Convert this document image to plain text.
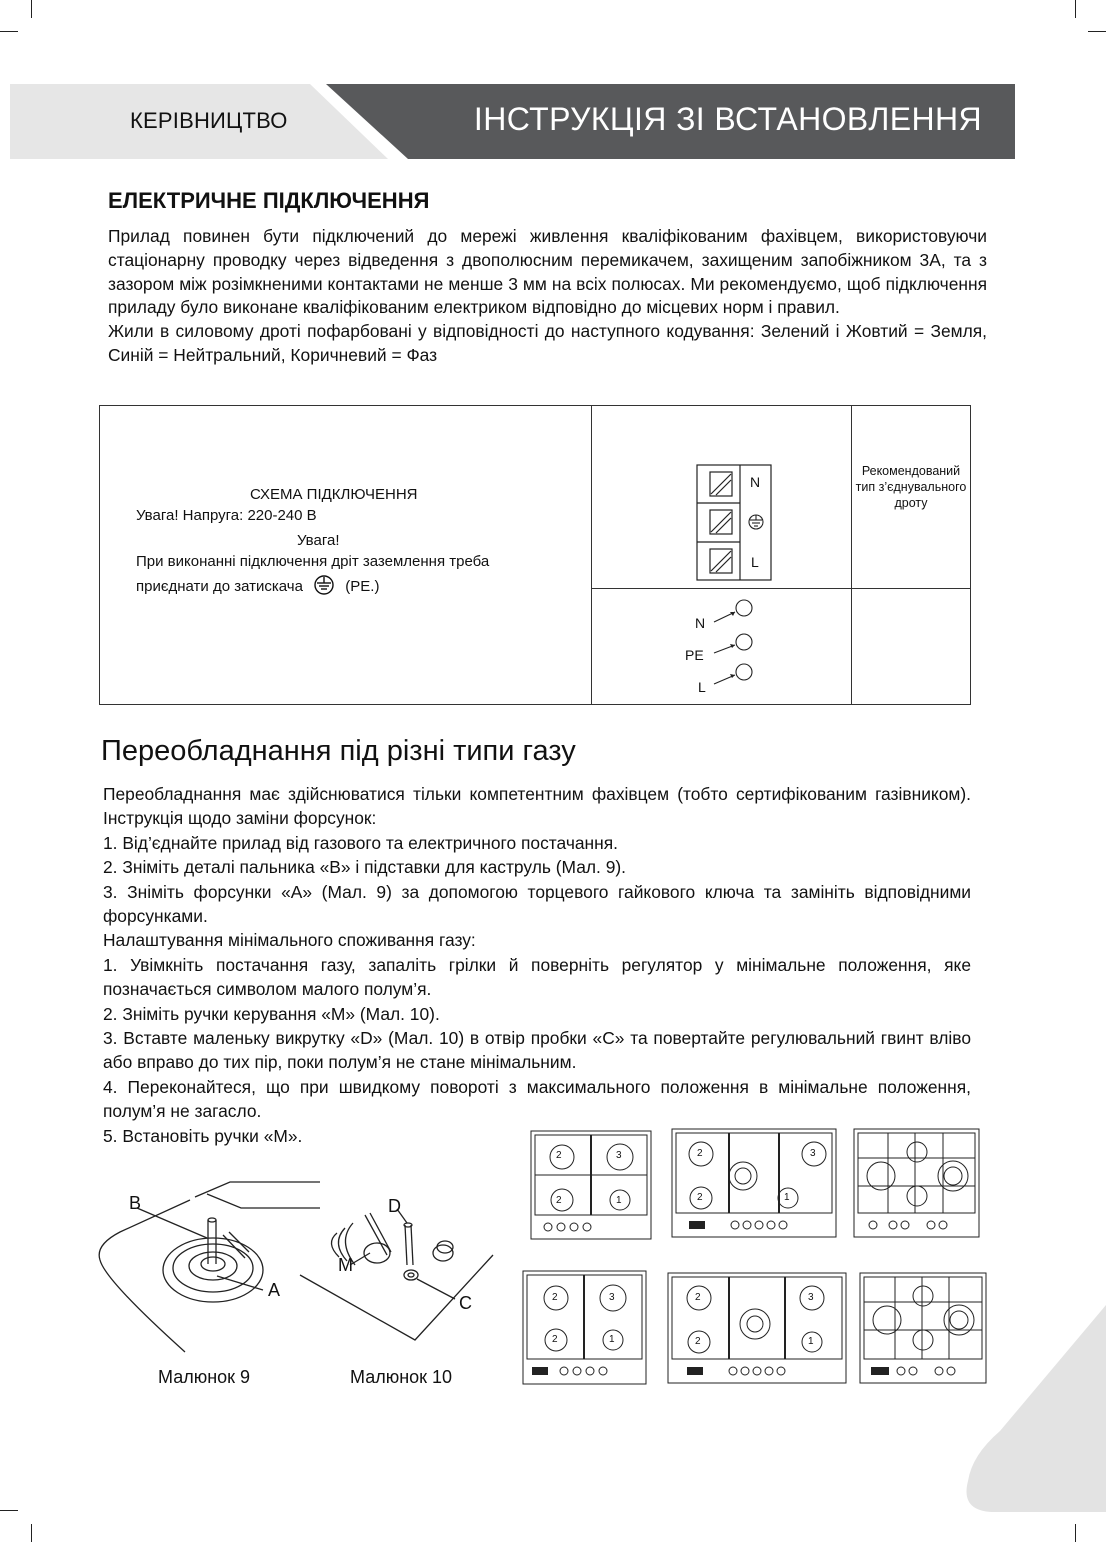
КЕРІВНИЦТВО	ІНСТРУКЦІЯ ЗІ ВСТАНОВЛЕННЯ
ЕЛЕКТРИЧНЕ ПІДКЛЮЧЕННЯ

Прилад повинен бути підключений до мережі живлення кваліфікованим фахівцем, використовуючи стаціонарну проводку через відведення з двополюсним перемикачем, захищеним запобіжником 3А, та з зазором між розімкненими контактами не менше 3 мм на всіх полюсах. Ми рекомендуємо, щоб підключення приладу було виконане кваліфікованим електриком відповідно до місцевих норм і правил.

Жили в силовому дроті пофарбовані у відповідності до наступного кодування: Зелений і Жовтий = Земля, Синій = Нейтральний, Коричневий = Фаз

СХЕМА ПІДКЛЮЧЕННЯ
Увага! Напруга: 220-240 В
Увага!
При виконанні підключення дріт заземлення треба
приєднати до затискача	(PE.)
N
L
Рекомендований тип з’єднувального дроту
N
PE
L
Переобладнання під різні типи газу

Переобладнання має здійснюватися тільки компетентним фахівцем (тобто сертифікованим газівником). Інструкція щодо заміни форсунок:

1. Від’єднайте прилад від газового та електричного постачання.

2. Зніміть деталі пальника «В» і підставки для каструль (Мал. 9).

3. Зніміть форсунки «А» (Мал. 9) за допомогою торцевого гайкового ключа та замініть відповідними форсунками.

Налаштування мінімального споживання газу:

1. Увімкніть постачання газу, запаліть грілки й поверніть регулятор у мінімальне положення, яке позначається символом малого полум’я.

2. Зніміть ручки керування «М» (Мал. 10).

3. Вставте маленьку викрутку «D» (Мал. 10) в отвір пробки «С» та повертайте регулювальний гвинт вліво або вправо до тих пір, поки полум’я не стане мінімальним.

4. Переконайтеся, що при швидкому повороті з максимального положення в мінімальне положення, полум’я не загасло.

5. Встановіть ручки «М».

B
A
Малюнок 9
D
M
C
Малюнок 10
2	3
2	1
2	3
2	1
2	3
2	1
2	3
2	1
